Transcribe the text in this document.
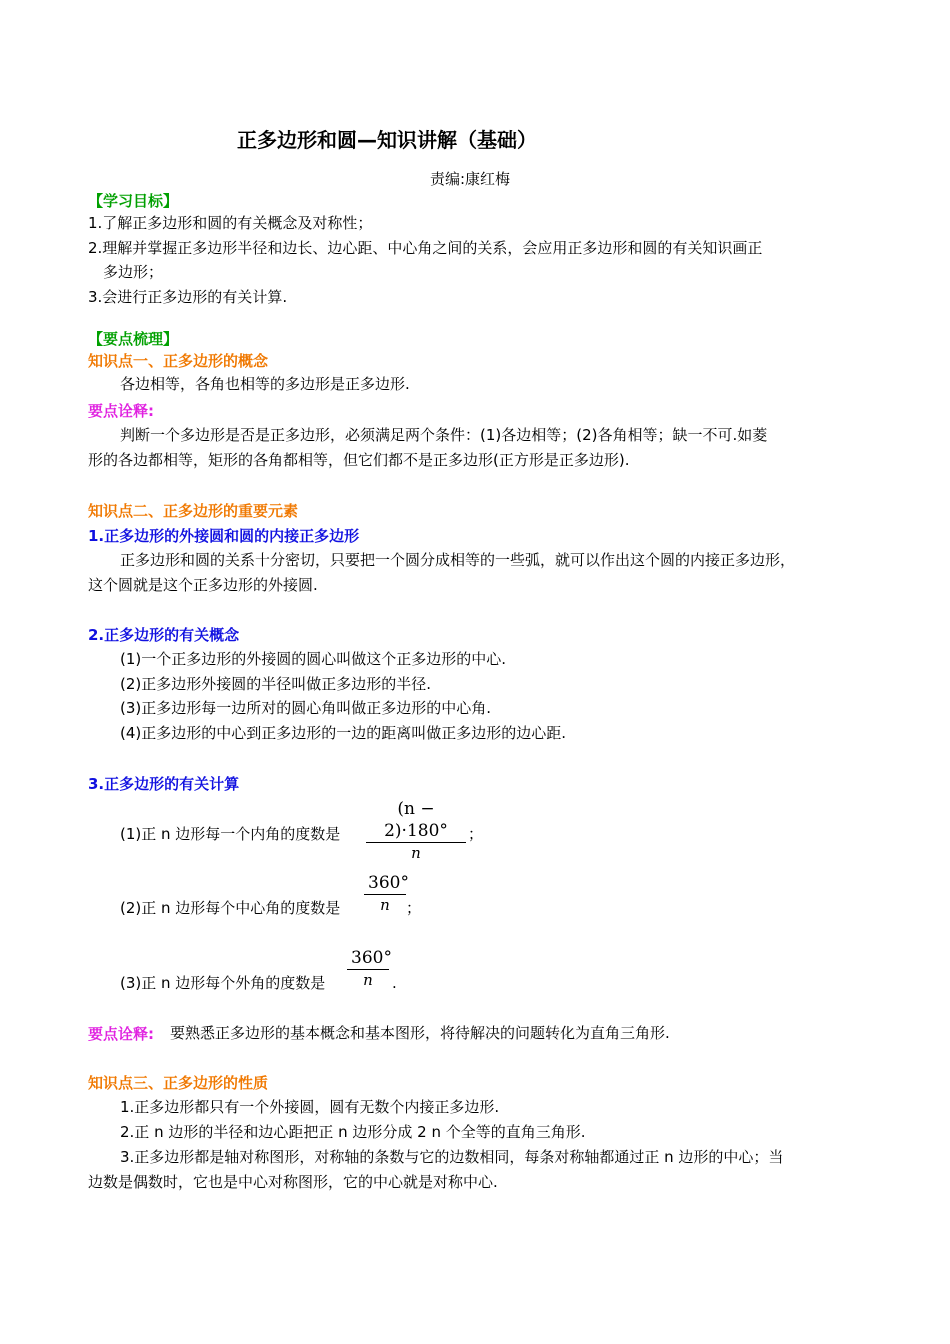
正多边形和圆—知识讲解（基础）
责编:康红梅
【学习目标】
1.了解正多边形和圆的有关概念及对称性；
2.理解并掌握正多边形半径和边长、边心距、中心角之间的关系，会应用正多边形和圆的有关知识画正
多边形；
3.会进行正多边形的有关计算.
【要点梳理】
知识点一、正多边形的概念
各边相等，各角也相等的多边形是正多边形.
要点诠释:
判断一个多边形是否是正多边形，必须满足两个条件：(1)各边相等；(2)各角相等；缺一不可.如菱
形的各边都相等，矩形的各角都相等，但它们都不是正多边形(正方形是正多边形).
知识点二、正多边形的重要元素
1.正多边形的外接圆和圆的内接正多边形
正多边形和圆的关系十分密切，只要把一个圆分成相等的一些弧，就可以作出这个圆的内接正多边形，
这个圆就是这个正多边形的外接圆.
2.正多边形的有关概念
(1)一个正多边形的外接圆的圆心叫做这个正多边形的中心.
(2)正多边形外接圆的半径叫做正多边形的半径.
(3)正多边形每一边所对的圆心角叫做正多边形的中心角.
(4)正多边形的中心到正多边形的一边的距离叫做正多边形的边心距.
3.正多边形的有关计算
(1)正 n 边形每一个内角的度数是
(n − 2)·180°
n
；
(2)正 n 边形每个中心角的度数是
360°
n	；
(3)正 n 边形每个外角的度数是
360°
n	.
要点诠释: 要熟悉正多边形的基本概念和基本图形，将待解决的问题转化为直角三角形.
知识点三、正多边形的性质
1.正多边形都只有一个外接圆，圆有无数个内接正多边形.
2.正 n 边形的半径和边心距把正 n 边形分成 2 n 个全等的直角三角形.
3.正多边形都是轴对称图形，对称轴的条数与它的边数相同，每条对称轴都通过正 n 边形的中心；当
边数是偶数时，它也是中心对称图形，它的中心就是对称中心.
